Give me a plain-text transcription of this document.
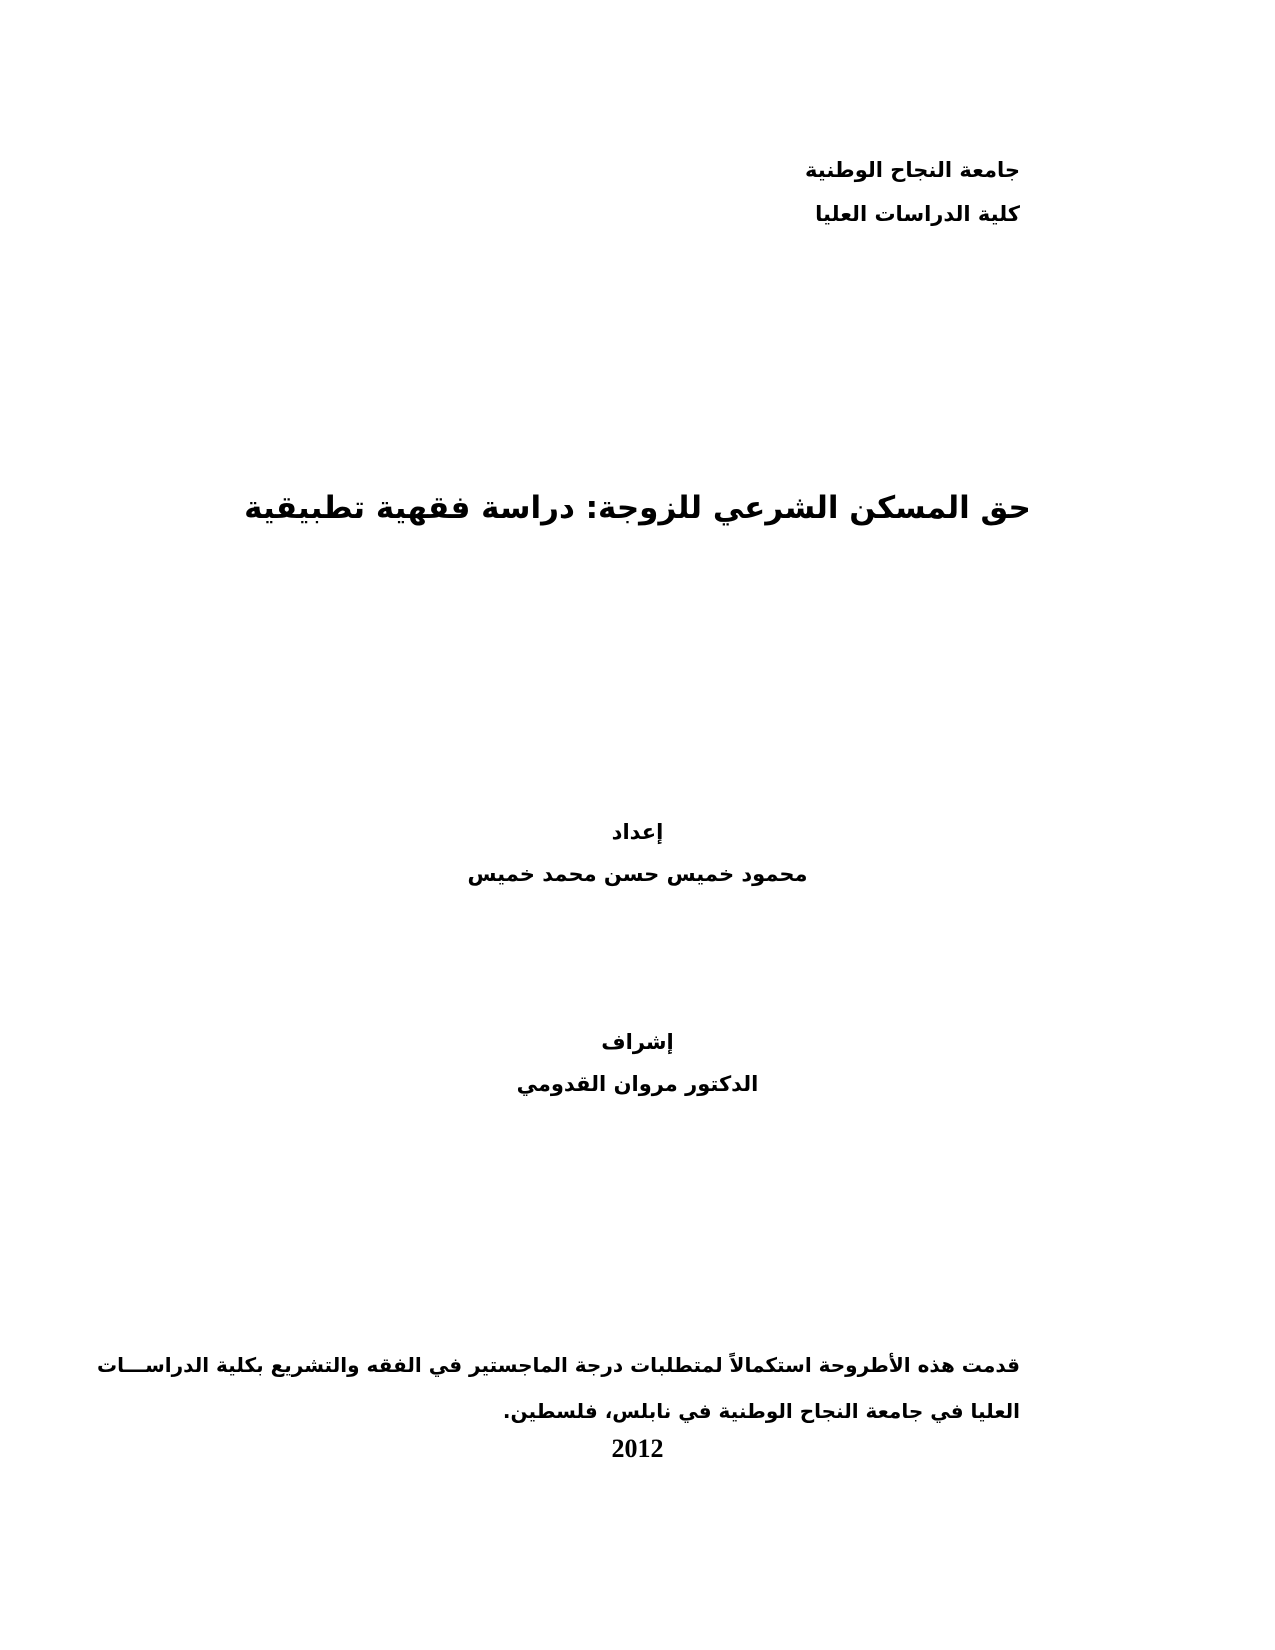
جامعة النجاح الوطنية
كلية الدراسات العليا
حق المسكن الشرعي للزوجة: دراسة فقهية تطبيقية
إعداد
محمود خميس حسن محمد خميس
إشراف
الدكتور مروان القدومي
قدمت هذه الأطروحة استكمالاً لمتطلبات درجة الماجستير في الفقه والتشريع بكلية الدراســـات
العليا في جامعة النجاح الوطنية في نابلس، فلسطين.
2012
